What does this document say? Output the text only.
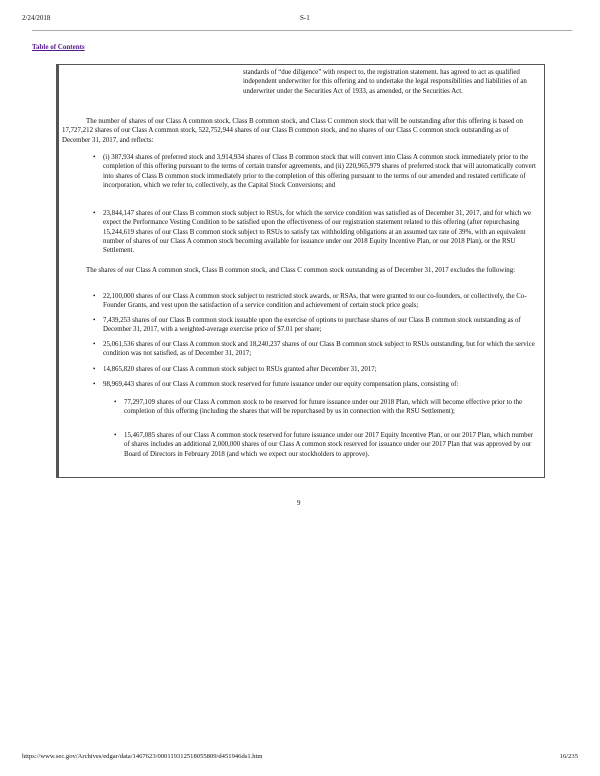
2/24/2018	S-1
Table of Contents
standards of “due diligence” with respect to, the registration statement. has agreed to act as qualified independent underwriter for this offering and to undertake the legal responsibilities and liabilities of an underwriter under the Securities Act of 1933, as amended, or the Securities Act.
The number of shares of our Class A common stock, Class B common stock, and Class C common stock that will be outstanding after this offering is based on 17,727,212 shares of our Class A common stock, 522,752,944 shares of our Class B common stock, and no shares of our Class C common stock outstanding as of December 31, 2017, and reflects:
• (i) 387,934 shares of preferred stock and 3,914,934 shares of Class B common stock that will convert into Class A common stock immediately prior to the completion of this offering pursuant to the terms of certain transfer agreements, and (ii) 220,965,979 shares of preferred stock that will automatically convert into shares of Class B common stock immediately prior to the completion of this offering pursuant to the terms of our amended and restated certificate of incorporation, which we refer to, collectively, as the Capital Stock Conversions; and
• 23,844,147 shares of our Class B common stock subject to RSUs, for which the service condition was satisfied as of December 31, 2017, and for which we expect the Performance Vesting Condition to be satisfied upon the effectiveness of our registration statement related to this offering (after repurchasing 15,244,619 shares of our Class B common stock subject to RSUs to satisfy tax withholding obligations at an assumed tax rate of 39%, with an equivalent number of shares of our Class A common stock becoming available for issuance under our 2018 Equity Incentive Plan, or our 2018 Plan), or the RSU Settlement.
The shares of our Class A common stock, Class B common stock, and Class C common stock outstanding as of December 31, 2017 excludes the following:
• 22,100,000 shares of our Class A common stock subject to restricted stock awards, or RSAs, that were granted to our co-founders, or collectively, the Co-Founder Grants, and vest upon the satisfaction of a service condition and achievement of certain stock price goals;
• 7,439,253 shares of our Class B common stock issuable upon the exercise of options to purchase shares of our Class B common stock outstanding as of December 31, 2017, with a weighted-average exercise price of $7.01 per share;
• 25,061,536 shares of our Class A common stock and 18,240,237 shares of our Class B common stock subject to RSUs outstanding, but for which the service condition was not satisfied, as of December 31, 2017;
• 14,865,820 shares of our Class A common stock subject to RSUs granted after December 31, 2017;
• 98,969,443 shares of our Class A common stock reserved for future issuance under our equity compensation plans, consisting of:
• 77,297,109 shares of our Class A common stock to be reserved for future issuance under our 2018 Plan, which will become effective prior to the completion of this offering (including the shares that will be repurchased by us in connection with the RSU Settlement);
• 15,467,085 shares of our Class A common stock reserved for future issuance under our 2017 Equity Incentive Plan, or our 2017 Plan, which number of shares includes an additional 2,000,000 shares of our Class A common stock reserved for issuance under our 2017 Plan that was approved by our Board of Directors in February 2018 (and which we expect our stockholders to approve).
9
https://www.sec.gov/Archives/edgar/data/1467623/000119312518055809/d451946ds1.htm	16/235
